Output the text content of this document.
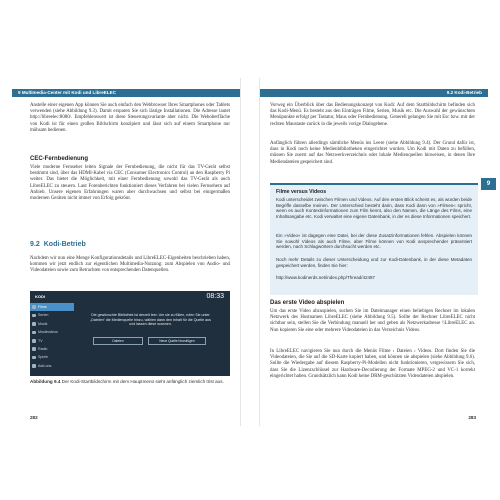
9 Multimedia-Center mit Kodi und LibreELEC

Anstelle einer eigenen App können Sie auch einfach den Webbrowser Ihres Smartphones oder Tablets verwenden (siehe Abbildung 9.3). Damit ersparen Sie sich lästige Installationen. Die Adresse lautet http://libreelec:8080/. Empfehlenswert ist diese Steuerungsvariante aber nicht. Die Weboberfläche von Kodi ist für einen großen Bildschirm konzipiert und lässt sich auf einem Smartphone nur mühsam bedienen.

CEC-Fernbedienung

Viele moderne Fernseher leiten Signale der Fernbedienung, die nicht für das TV-Gerät selbst bestimmt sind, über das HDMI-Kabel via CEC (Consumer Electronics Control) an den Raspberry Pi weiter. Das bietet die Möglichkeit, mit einer Fernbedienung sowohl das TV-Gerät als auch LibreELEC zu steuern. Laut Forenberichten funktioniert dieses Verfahren bei vielen Fernsehern auf Anhieb. Unsere eigenen Erfahrungen waren aber durchwachsen und selbst bei einigermaßen modernen Geräten nicht immer von Erfolg gekrönt.

9.2 Kodi-Betrieb

Nachdem wir nun eine Menge Konfigurationsdetails und LibreELEC-Eigenheiten beschrieben haben, kommen wir jetzt endlich zur eigentlichen Multimedia-Nutzung: zum Abspielen von Audio- und Videodateien sowie zum Betrachten von entsprechenden Datenquellen.

KODI	08:33
Filme
Serien
Musik
Musikvideos
TV
Radio
Spiele
Add-ons
Die gewünschte Bibliothek ist derzeit leer. Um sie zu füllen, rufen Sie unter „Dateien“ die Medienquelle hinzu, wählen dann den Inhalt für die Quelle aus und lassen diese scannen.
Dateien	Neue Quelle hinzufügen

Abbildung 9.4 Der Kodi-Startbildschirm mit dem Hauptmenü sieht anfänglich ziemlich trist aus.

282
9.2 Kodi-Betrieb

Vorweg ein Überblick über das Bedienungskonzept von Kodi: Auf dem Startbildschirm befinden sich das Kodi-Menü. Es besteht aus den Einträgen Filme, Serien, Musik etc. Die Auswahl der gewünschten Menüpunkte erfolgt per Tastatur, Maus oder Fernbedienung. Generell gelangen Sie mit Esc bzw. mit der rechten Maustaste zurück in die jeweils vorige Dialogebene.

Anfänglich führen allerdings sämtliche Menüs ins Leere (siehe Abbildung 9.4). Der Grund dafür ist, dass in Kodi noch keine Medienbibliotheken eingerichtet wurden. Um Kodi mit Daten zu befüllen, müssen Sie zuerst auf das Netzwerkverzeichnis oder lokale Medienquellen hinweisen, in denen Ihre Mediendateien gespeichert sind.

Filme versus Videos

Kodi unterscheidet zwischen Filmen und Videos. Auf den ersten Blick scheint es, als würden beide Begriffe dasselbe meinen. Der Unterschied besteht darin, dass Kodi dann von »Filmen« spricht, wenn es auch Kontextinformationen zum Film kennt, also den Namen, die Länge des Films, eine Inhaltsangabe etc. Kodi verwaltet eine eigene Datenbank, in der es diese Informationen speichert.

Ein »Video« ist dagegen eine Datei, bei der diese Zusatzinformationen fehlen. Abspielen können Sie sowohl Videos als auch Filme, aber Filme können von Kodi ansprechender präsentiert werden, nach Schlagwörtern durchsucht werden etc.

Noch mehr Details zu dieser Unterscheidung und zur Kodi-Datenbank, in der diese Metadaten gespeichert werden, finden Sie hier:

http://www.kodinerds.net/index.php/Thread/42487

Das erste Video abspielen

Um das erste Video abzuspielen, suchen Sie im Dateimanager einen beliebigen Rechner im lokalen Netzwerk des Hostnamen LibreELEC (siehe Abbildung 9.5). Sollte der Rechner LibreELEC nicht sichtbar sein, stellen Sie die Verbindung manuell her und geben als Netzwerkadresse \\LibreELEC an. Nun kopieren Sie eine oder mehrere Videodateien in das Verzeichnis Videos.

In LibreELEC navigieren Sie nun durch die Menüs Filme › Dateien › Videos. Dort finden Sie die Videodateien, die Sie auf die SD-Karte kopiert haben, und können sie abspielen (siehe Abbildung 9.6). Sollte die Wiedergabe auf diesem Raspberry-Pi-Modellen nicht funktionieren, vergewissern Sie sich, dass Sie die Lizenzschlüssel zur Hardware-Decodierung der Formate MPEG-2 und VC-1 korrekt eingerichtet haben. Grundsätzlich kann Kodi keine DRM-geschützten Videodateien abspielen.

283
9
